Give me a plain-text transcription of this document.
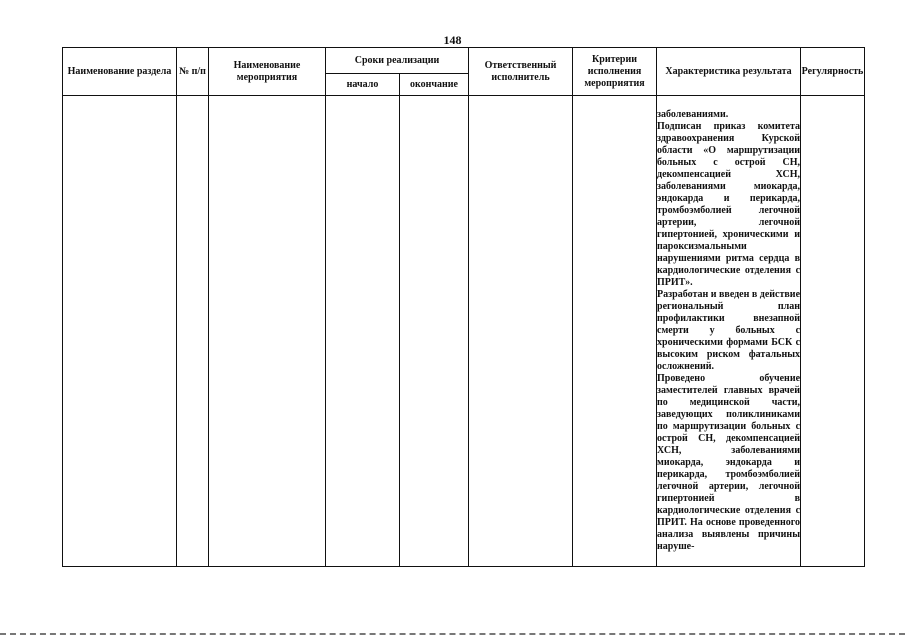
148
Наименование раздела	№ п/п	Наименование мероприятия	Сроки реализации		Ответственный исполнитель	Критерии исполнения мероприятия	Характеристика результата	Регулярность
			начало	окончание				

							заболеваниями.

Подписан приказ комитета здравоохранения Курской области «О маршрутизации больных с острой СН, декомпенсацией ХСН, заболеваниями миокарда, эндокарда и перикарда, тромбоэмболией легочной артерии, легочной гипертонией, хроническими и пароксизмальными нарушениями ритма сердца в кардиологические отделения с ПРИТ».

Разработан и введен в действие региональный план профилактики внезапной смерти у больных с хроническими формами БСК с высоким риском фатальных осложнений.

Проведено обучение заместителей главных врачей по медицинской части, заведующих поликлиниками по маршрутизации больных с острой СН, декомпенсацией ХСН, заболеваниями миокарда, эндокарда и перикарда, тромбоэмболией легочной артерии, легочной гипертонией в кардиологические отделения с ПРИТ. На основе проведенного анализа выявлены причины наруше-	
